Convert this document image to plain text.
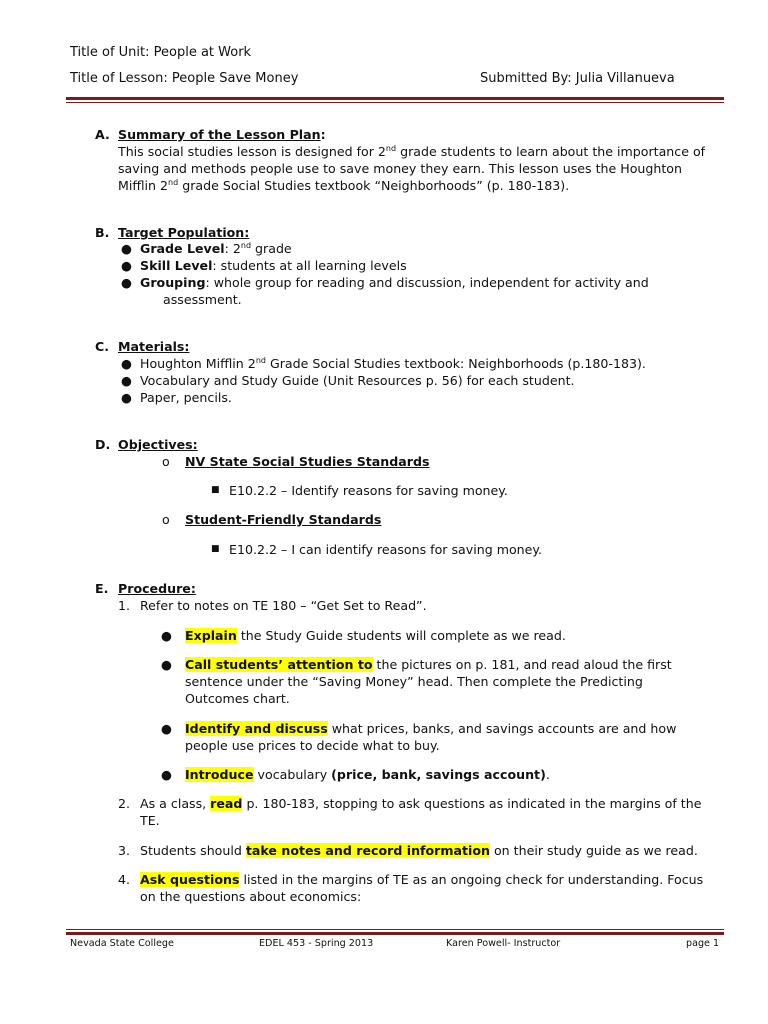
Title of Unit: People at Work
Title of Lesson: People Save Money	Submitted By: Julia Villanueva
A. Summary of the Lesson Plan:
This social studies lesson is designed for 2nd grade students to learn about the importance of saving and methods people use to save money they earn. This lesson uses the Houghton Mifflin 2nd grade Social Studies textbook “Neighborhoods” (p. 180-183).
B. Target Population:
● Grade Level: 2nd grade
● Skill Level: students at all learning levels
● Grouping: whole group for reading and discussion, independent for activity and
assessment.
C. Materials:
● Houghton Mifflin 2nd Grade Social Studies textbook: Neighborhoods (p.180-183).
● Vocabulary and Study Guide (Unit Resources p. 56) for each student.
● Paper, pencils.
D. Objectives:
o NV State Social Studies Standards
■ E10.2.2 – Identify reasons for saving money.
o Student-Friendly Standards
■ E10.2.2 – I can identify reasons for saving money.
E. Procedure:
1. Refer to notes on TE 180 – “Get Set to Read”.
● Explain the Study Guide students will complete as we read.
● Call students’ attention to the pictures on p. 181, and read aloud the first
sentence under the “Saving Money” head. Then complete the Predicting
Outcomes chart.
● Identify and discuss what prices, banks, and savings accounts are and how
people use prices to decide what to buy.
● Introduce vocabulary (price, bank, savings account).
2. As a class, read p. 180-183, stopping to ask questions as indicated in the margins of the
TE.
3. Students should take notes and record information on their study guide as we read.
4. Ask questions listed in the margins of TE as an ongoing check for understanding. Focus
on the questions about economics:
Nevada State College	EDEL 453 - Spring 2013	Karen Powell- Instructor	page 1
